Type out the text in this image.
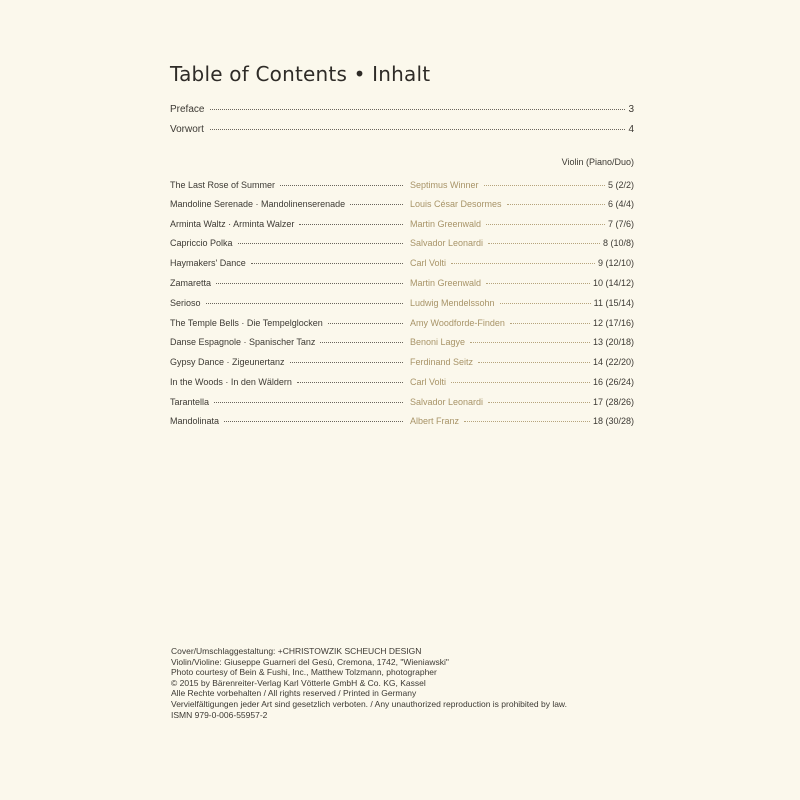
Table of Contents • Inhalt
Preface	3
Vorwort	4
Violin (Piano/Duo)
The Last Rose of Summer	Septimus Winner	5 (2/2)
Mandoline Serenade · Mandolinenserenade	Louis César Desormes	6 (4/4)
Arminta Waltz · Arminta Walzer	Martin Greenwald	7 (7/6)
Capriccio Polka	Salvador Leonardi	8 (10/8)
Haymakers' Dance	Carl Volti	9 (12/10)
Zamaretta	Martin Greenwald	10 (14/12)
Serioso	Ludwig Mendelssohn	11 (15/14)
The Temple Bells · Die Tempelglocken	Amy Woodforde-Finden	12 (17/16)
Danse Espagnole · Spanischer Tanz	Benoni Lagye	13 (20/18)
Gypsy Dance · Zigeunertanz	Ferdinand Seitz	14 (22/20)
In the Woods · In den Wäldern	Carl Volti	16 (26/24)
Tarantella	Salvador Leonardi	17 (28/26)
Mandolinata	Albert Franz	18 (30/28)
Cover/Umschlaggestaltung: +CHRISTOWZIK SCHEUCH DESIGN
Violin/Violine: Giuseppe Guarneri del Gesù, Cremona, 1742, "Wieniawski"
Photo courtesy of Bein & Fushi, Inc., Matthew Tolzmann, photographer
© 2015 by Bärenreiter-Verlag Karl Vötterle GmbH & Co. KG, Kassel
Alle Rechte vorbehalten / All rights reserved / Printed in Germany
Vervielfältigungen jeder Art sind gesetzlich verboten. / Any unauthorized reproduction is prohibited by law.
ISMN 979-0-006-55957-2
